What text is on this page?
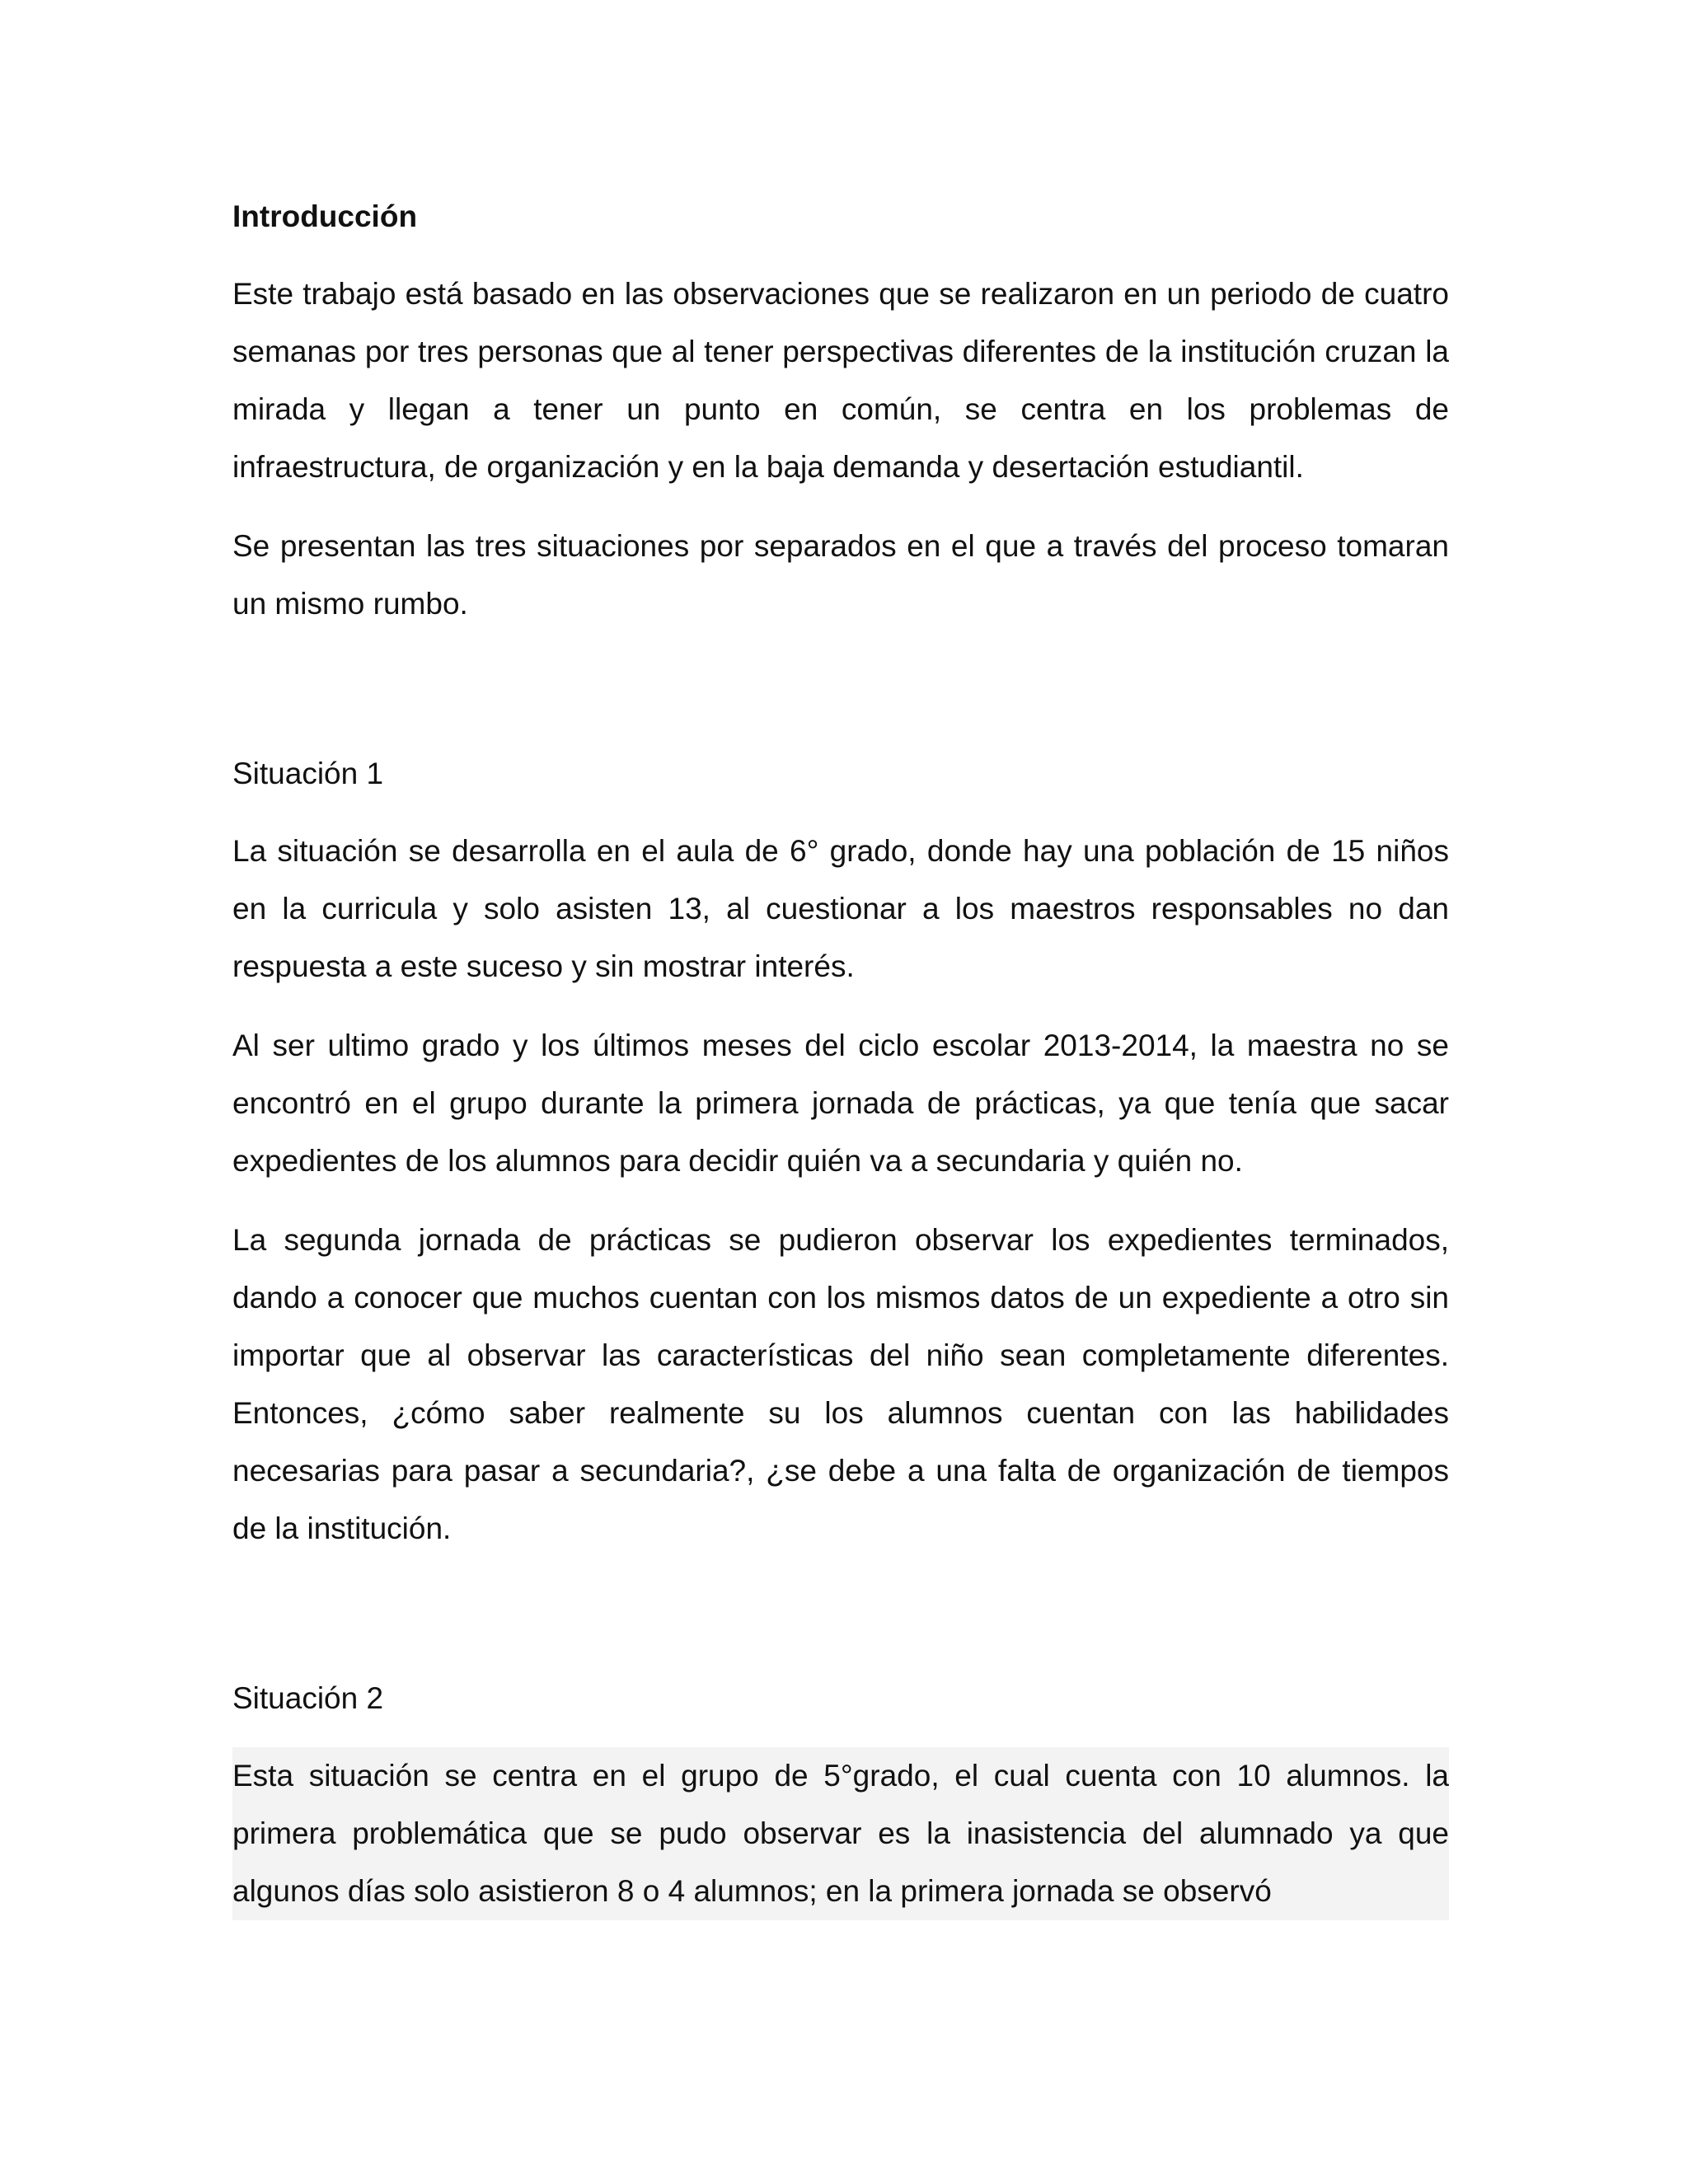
Introducción

Este trabajo está basado en las observaciones que se realizaron en un periodo de cuatro semanas por tres personas que al tener perspectivas diferentes de la institución cruzan la mirada y llegan a tener un punto en común, se centra en los problemas de infraestructura, de organización y en la baja demanda y desertación estudiantil.

Se presentan las tres situaciones por separados en el que a través del proceso tomaran un mismo rumbo.

Situación 1

La situación se desarrolla en el aula de 6° grado, donde hay una población de 15 niños en la curricula y solo asisten 13, al cuestionar a los maestros responsables no dan respuesta a este suceso y sin mostrar interés.

Al ser ultimo grado y los últimos meses del ciclo escolar 2013-2014, la maestra no se encontró en el grupo durante la primera jornada de prácticas, ya que tenía que sacar expedientes de los alumnos para decidir quién va a secundaria y quién no.

La segunda jornada de prácticas se pudieron observar los expedientes terminados, dando a conocer que muchos cuentan con los mismos datos de un expediente a otro sin importar que al observar las características del niño sean completamente diferentes. Entonces, ¿cómo saber realmente su los alumnos cuentan con las habilidades necesarias para pasar a secundaria?, ¿se debe a una falta de organización de tiempos de la institución.

Situación 2

Esta situación se centra en el grupo de 5°grado, el cual cuenta con 10 alumnos. la primera problemática que se pudo observar es la inasistencia del alumnado ya que algunos días solo asistieron 8 o 4 alumnos; en la primera jornada se observó
